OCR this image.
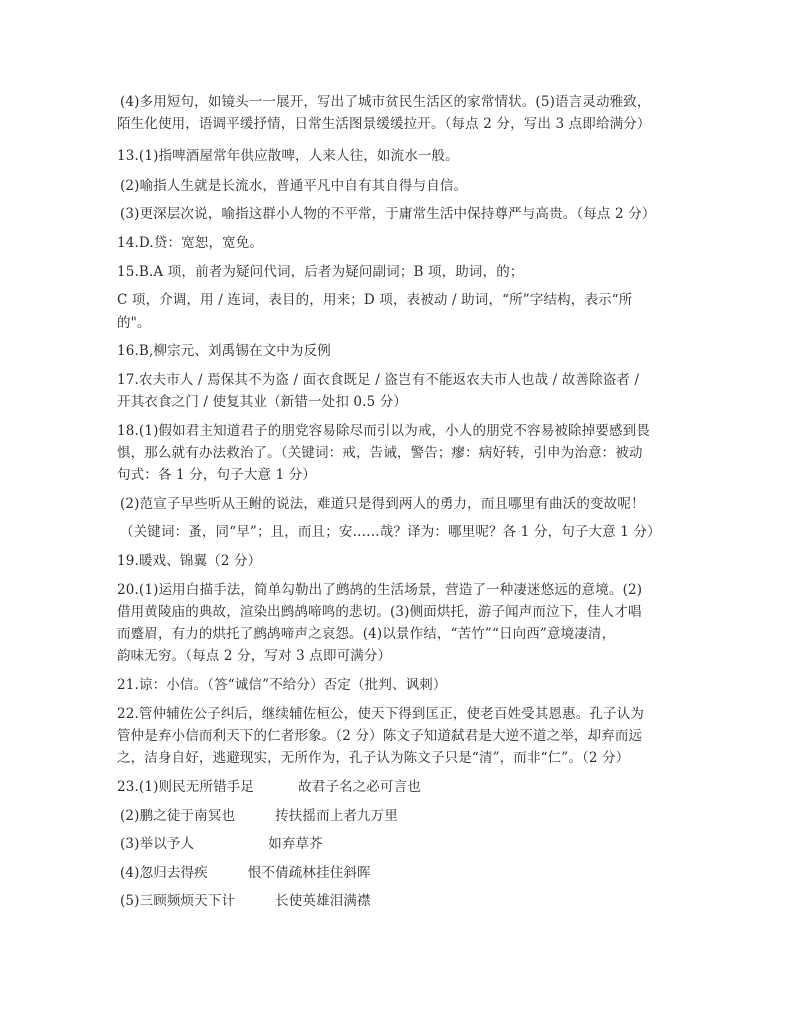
(4)多用短句，如镜头一一展开，写出了城市贫民生活区的家常情状。(5)语言灵动雅致，
陌生化使用，语调平缓抒情，日常生活图景缓缓拉开。（每点 2 分，写出 3 点即给满分）
13.(1)指啤酒屋常年供应散啤，人来人往，如流水一般。
(2)喻指人生就是长流水，普通平凡中自有其自得与自信。
(3)更深层次说，喻指这群小人物的不平常，于庸常生活中保持尊严与高贵。（每点 2 分）
14.D.贷：宽恕，宽免。
15.B.A 项，前者为疑问代词，后者为疑问副词；B 项，助词，的；
C 项，介调，用 / 连词，表目的，用来；D 项，表被动 / 助词，“所”字结构，表示“所
的"。
16.B,柳宗元、刘禹锡在文中为反例
17.农夫市人 / 焉保其不为盗 / 面衣食既足 / 盗岂有不能返农夫市人也哉 / 故善除盗者 /
开其衣食之门 / 使复其业（新错一处扣 0.5 分）
18.(1)假如君主知道君子的朋党容易除尽而引以为戒，小人的朋党不容易被除掉要感到畏
惧，那么就有办法救治了。（关键词：戒，告诫，警告；瘳：病好转，引申为治意：被动
句式：各 1 分，句子大意 1 分）
(2)范宣子早些听从王鲋的说法，难道只是得到两人的勇力，而且哪里有曲沃的变故呢！
（关键词：蚤，同“早”；且，而且；安……哉？译为：哪里呢？各 1 分，句子大意 1 分）
19.暖戏、锦翼（2 分）
20.(1)运用白描手法，简单勾勒出了鹧鸪的生活场景，营造了一种凄迷悠远的意境。(2)
借用黄陵庙的典故，渲染出鹧鸪啼鸣的悲切。(3)侧面烘托，游子闻声而泣下，佳人才唱
而蹙眉，有力的烘托了鹧鸪啼声之哀怨。(4)以景作结，“苦竹”“日向西”意境凄清，
韵味无穷。（每点 2 分，写对 3 点即可满分）
21.谅：小信。（答“诚信”不给分）否定（批判、讽刺）
22.管仲辅佐公子纠后，继续辅佐桓公，使天下得到匡正，使老百姓受其恩惠。孔子认为
管仲是弃小信而利天下的仁者形象。（2 分）陈文子知道弑君是大逆不道之举，却弃而远
之，洁身自好，逃避现实，无所作为，孔子认为陈文子只是“清”，而非“仁”。（2 分）
23.(1)则民无所错手足	故君子名之必可言也
(2)鹏之徒于南冥也	抟扶摇而上者九万里
(3)举以予人	如弃草芥
(4)忽归去得疾	恨不倩疏林挂住斜晖
(5)三顾频烦天下计	长使英雄泪满襟
